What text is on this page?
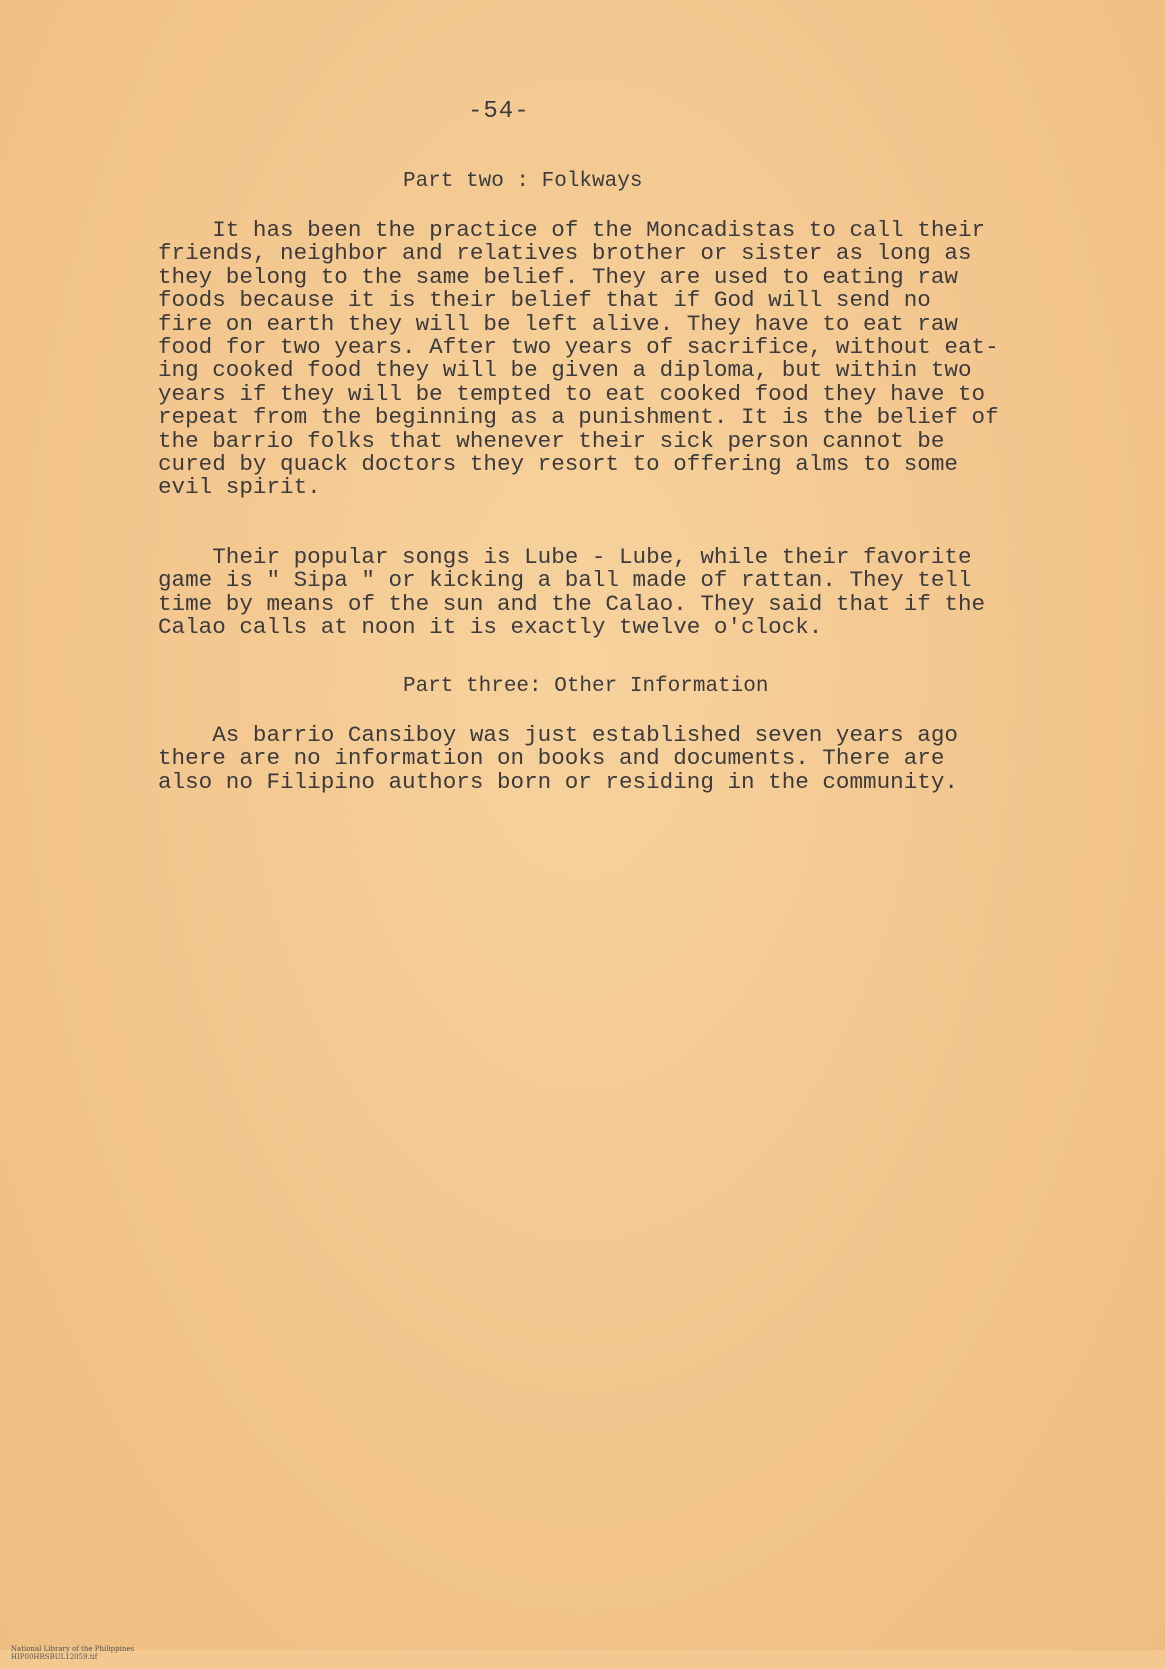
-54-
Part two : Folkways

It has been the practice of the Moncadistas to call their
friends, neighbor and relatives brother or sister as long as
they belong to the same belief. They are used to eating raw
foods because it is their belief that if God will send no
fire on earth they will be left alive. They have to eat raw
food for two years. After two years of sacrifice, without eat-
ing cooked food they will be given a diploma, but within two
years if they will be tempted to eat cooked food they have to
repeat from the beginning as a punishment. It is the belief of
the barrio folks that whenever their sick person cannot be
cured by quack doctors they resort to offering alms to some
evil spirit.

Their popular songs is Lube - Lube, while their favorite
game is " Sipa " or kicking a ball made of rattan. They tell
time by means of the sun and the Calao. They said that if the
Calao calls at noon it is exactly twelve o'clock.

Part three: Other Information

As barrio Cansiboy was just established seven years ago
there are no information on books and documents. There are
also no Filipino authors born or residing in the community.

National Library of the Philippines
HIP00HRSBUL12059.tif
